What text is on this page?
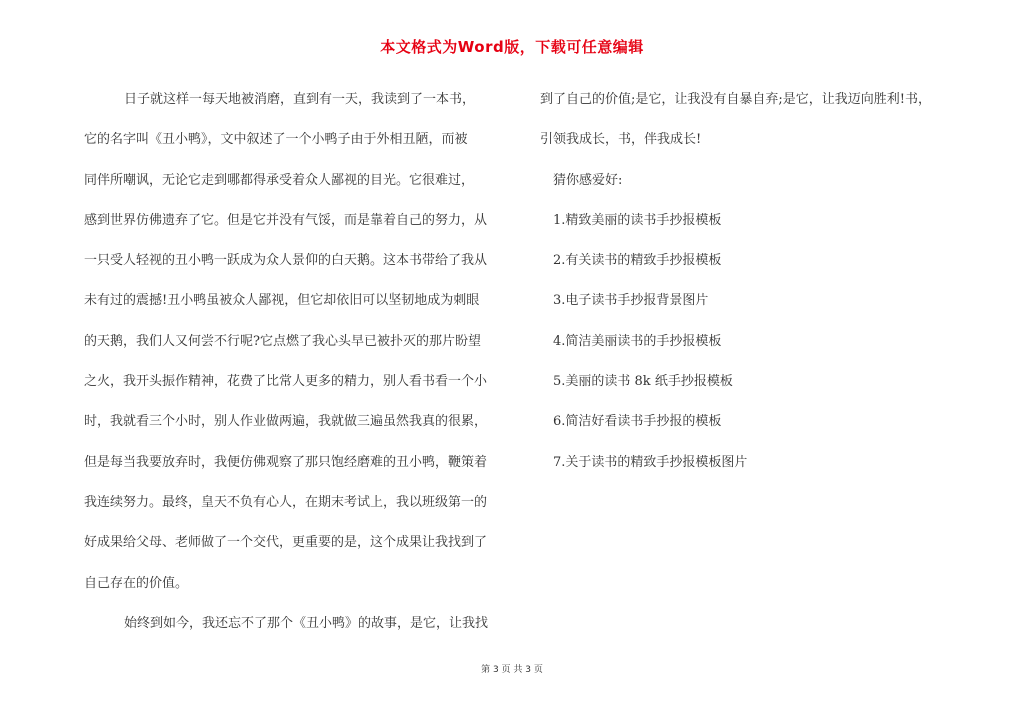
本文格式为Word版，下载可任意编辑
日子就这样一每天地被消磨，直到有一天，我读到了一本书，
它的名字叫《丑小鸭》，文中叙述了一个小鸭子由于外相丑陋，而被
同伴所嘲讽，无论它走到哪都得承受着众人鄙视的目光。它很难过，
感到世界仿佛遗弃了它。但是它并没有气馁，而是靠着自己的努力，从
一只受人轻视的丑小鸭一跃成为众人景仰的白天鹅。这本书带给了我从
未有过的震撼!丑小鸭虽被众人鄙视，但它却依旧可以坚韧地成为刺眼
的天鹅，我们人又何尝不行呢?它点燃了我心头早已被扑灭的那片盼望
之火，我开头振作精神，花费了比常人更多的精力，别人看书看一个小
时，我就看三个小时，别人作业做两遍，我就做三遍虽然我真的很累，
但是每当我要放弃时，我便仿佛观察了那只饱经磨难的丑小鸭，鞭策着
我连续努力。最终，皇天不负有心人，在期末考试上，我以班级第一的
好成果给父母、老师做了一个交代，更重要的是，这个成果让我找到了
自己存在的价值。
始终到如今，我还忘不了那个《丑小鸭》的故事，是它，让我找
到了自己的价值;是它，让我没有自暴自弃;是它，让我迈向胜利!书，
引领我成长，书，伴我成长!
猜你感爱好:
1.精致美丽的读书手抄报模板
2.有关读书的精致手抄报模板
3.电子读书手抄报背景图片
4.简洁美丽读书的手抄报模板
5.美丽的读书 8k 纸手抄报模板
6.简洁好看读书手抄报的模板
7.关于读书的精致手抄报模板图片
第 3 页 共 3 页
